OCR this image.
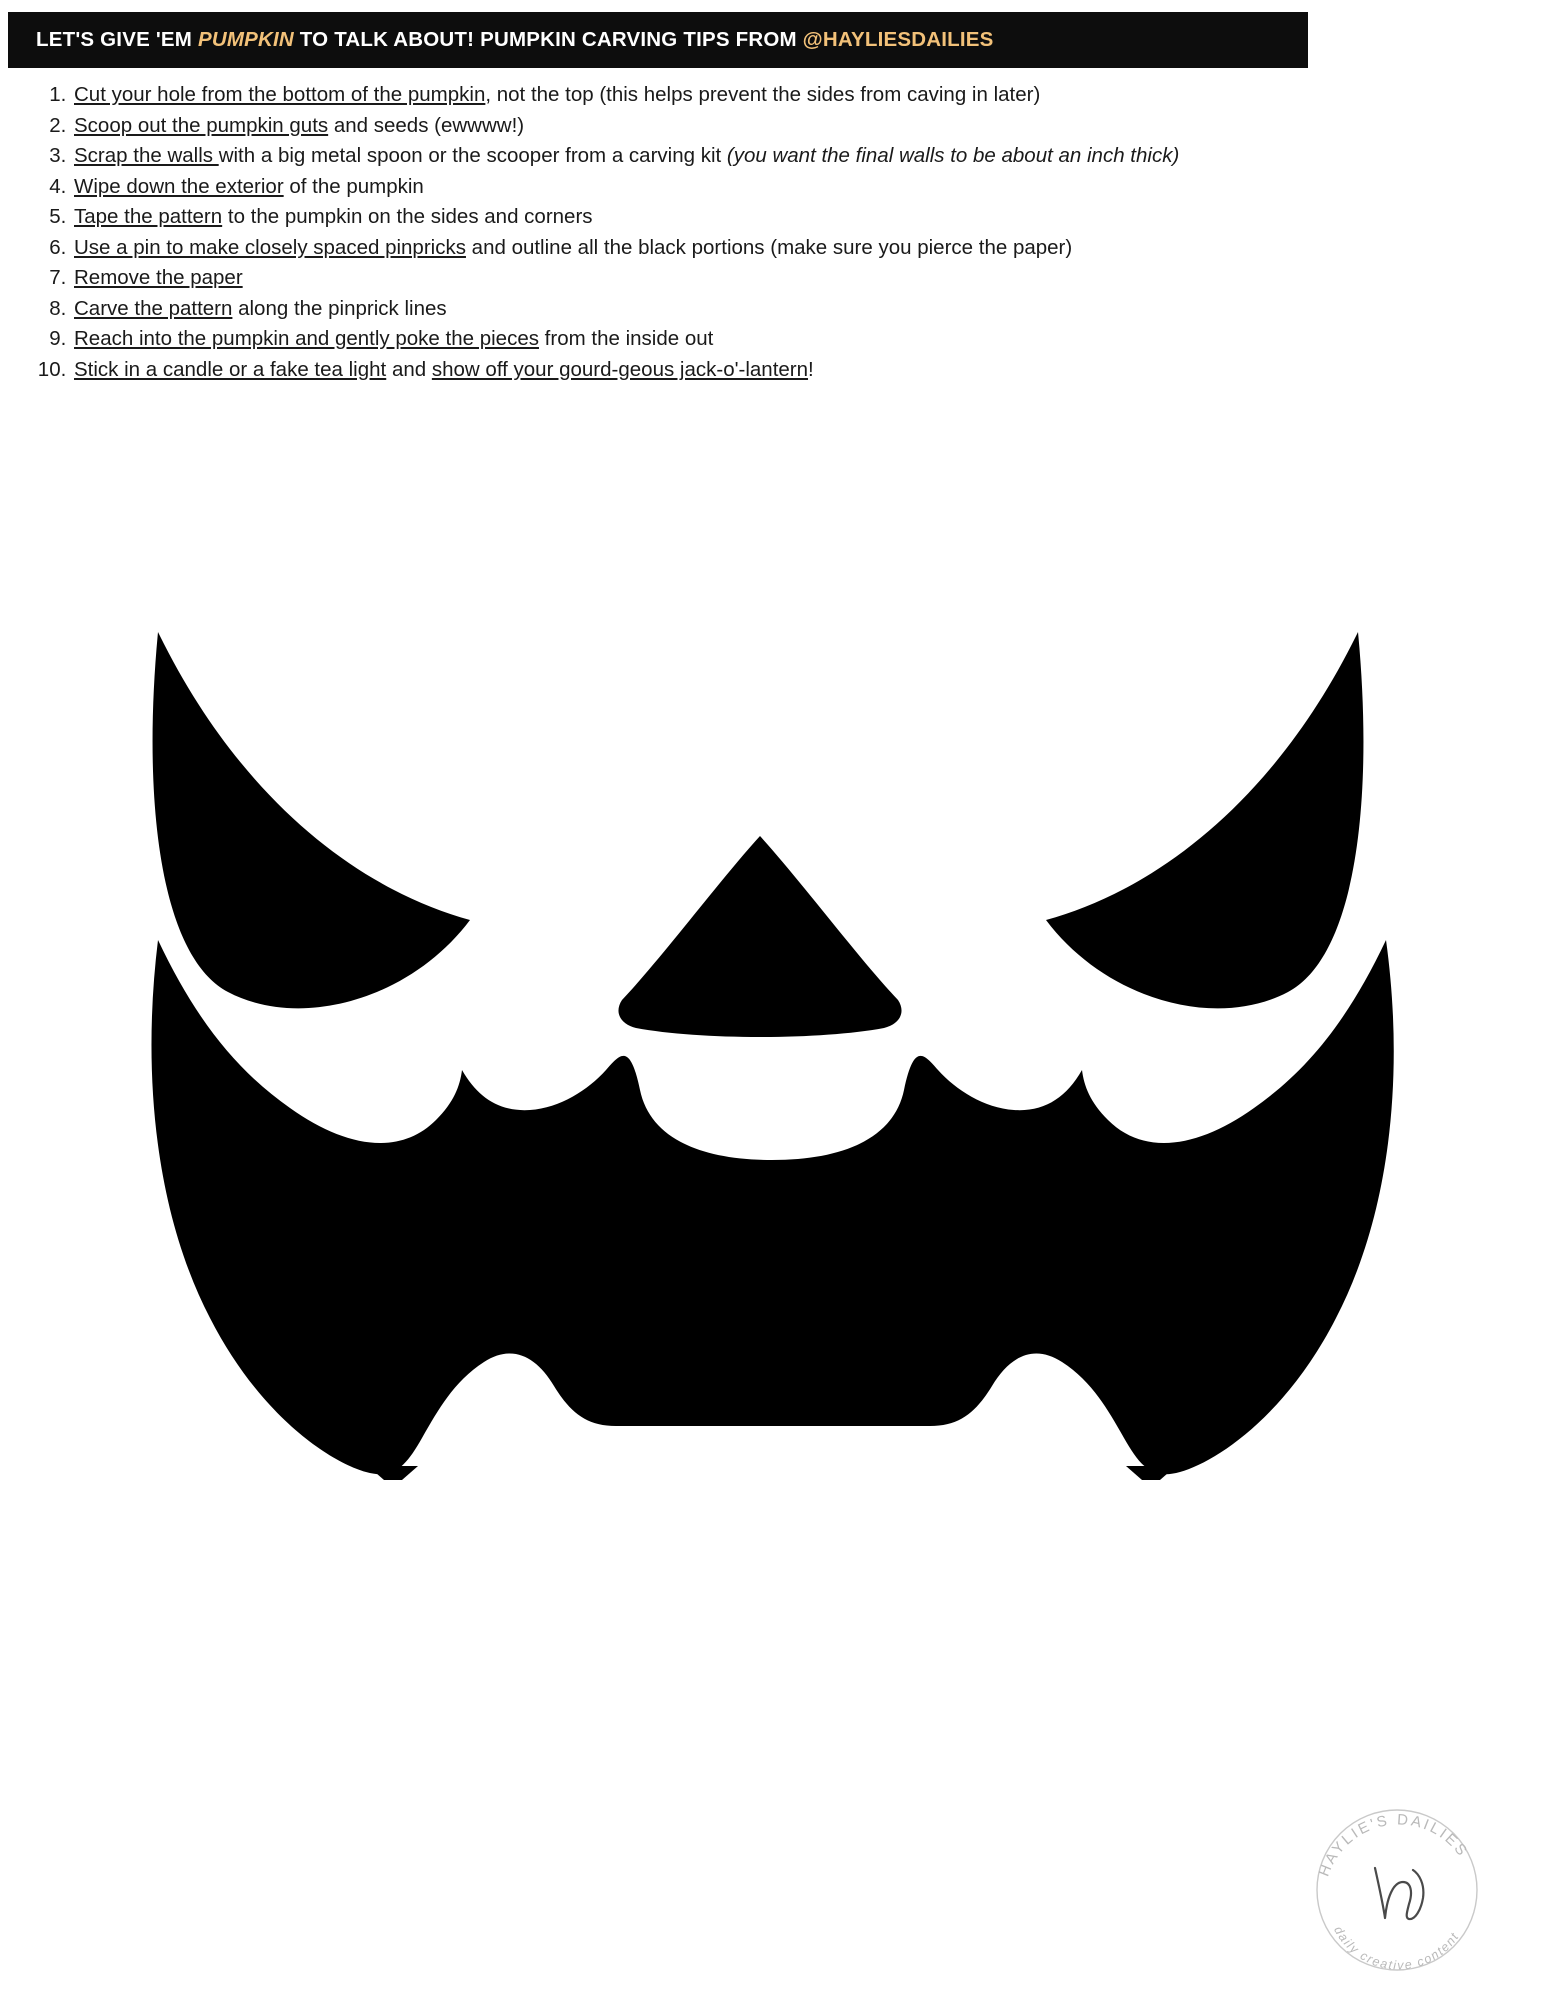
LET'S GIVE 'EM PUMPKIN TO TALK ABOUT! PUMPKIN CARVING TIPS FROM @HAYLIESDAILIES
1. Cut your hole from the bottom of the pumpkin, not the top (this helps prevent the sides from caving in later)
2. Scoop out the pumpkin guts and seeds (ewwww!)
3. Scrap the walls with a big metal spoon or the scooper from a carving kit (you want the final walls to be about an inch thick)
4. Wipe down the exterior of the pumpkin
5. Tape the pattern to the pumpkin on the sides and corners
6. Use a pin to make closely spaced pinpricks and outline all the black portions (make sure you pierce the paper)
7. Remove the paper
8. Carve the pattern along the pinprick lines
9. Reach into the pumpkin and gently poke the pieces from the inside out
10. Stick in a candle or a fake tea light and show off your gourd-geous jack-o'-lantern!
HAYLIE'S DAILIES
daily creative content
